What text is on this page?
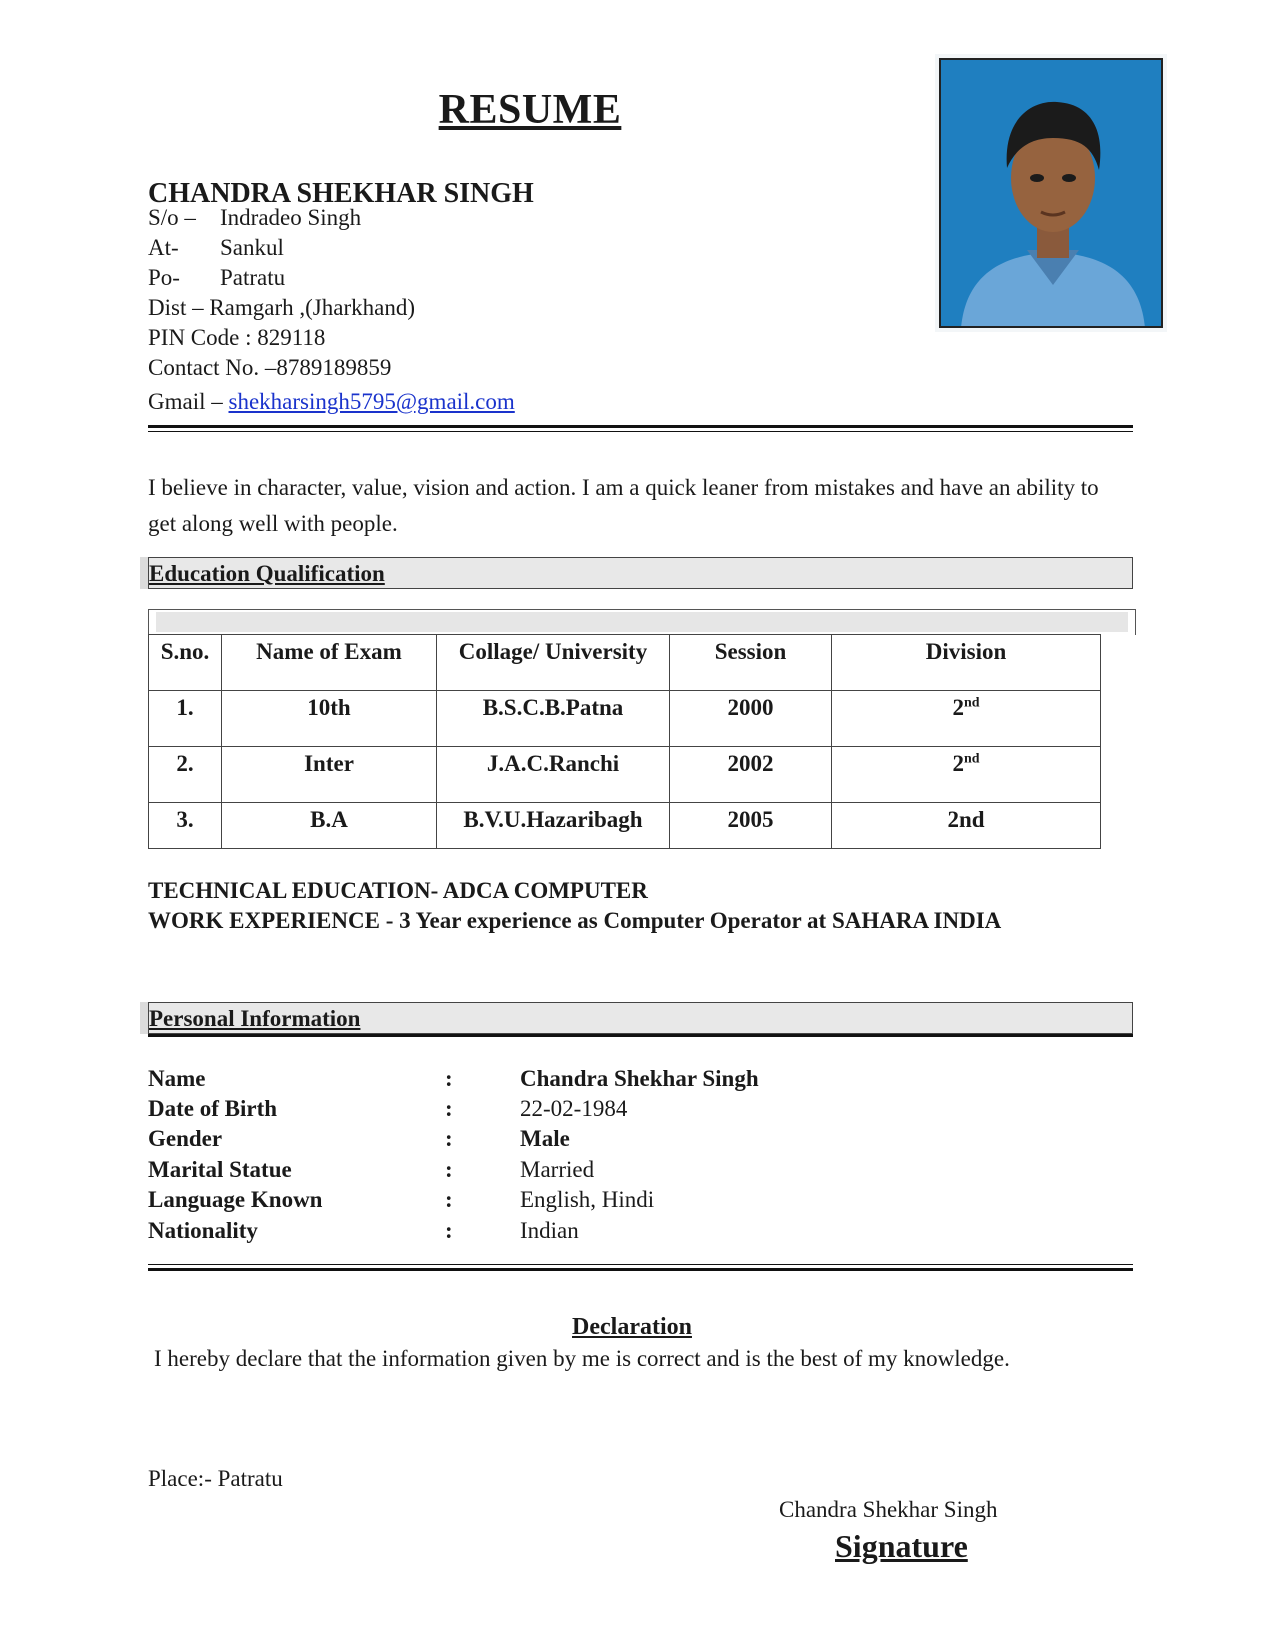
RESUME
CHANDRA SHEKHAR SINGH
S/o – Indradeo Singh
At- Sankul
Po- Patratu
Dist – Ramgarh ,(Jharkhand)
PIN Code : 829118
Contact No. –8789189859
Gmail – shekharsingh5795@gmail.com
I believe in character, value, vision and action. I am a quick leaner from mistakes and have an ability to get along well with people.
Education Qualification
S.no.	Name of Exam	Collage/ University	Session	Division
1.	10th	B.S.C.B.Patna	2000	2nd
2.	Inter	J.A.C.Ranchi	2002	2nd
3.	B.A	B.V.U.Hazaribagh	2005	2nd
TECHNICAL EDUCATION- ADCA COMPUTER
WORK EXPERIENCE - 3 Year experience as Computer Operator at SAHARA INDIA
Personal Information
Name	:	Chandra Shekhar Singh
Date of Birth	:	22-02-1984
Gender	:	Male
Marital Statue	:	Married
Language Known	:	English, Hindi
Nationality	:	Indian
Declaration
I hereby declare that the information given by me is correct and is the best of my knowledge.
Place:- Patratu
Chandra Shekhar Singh
Signature
